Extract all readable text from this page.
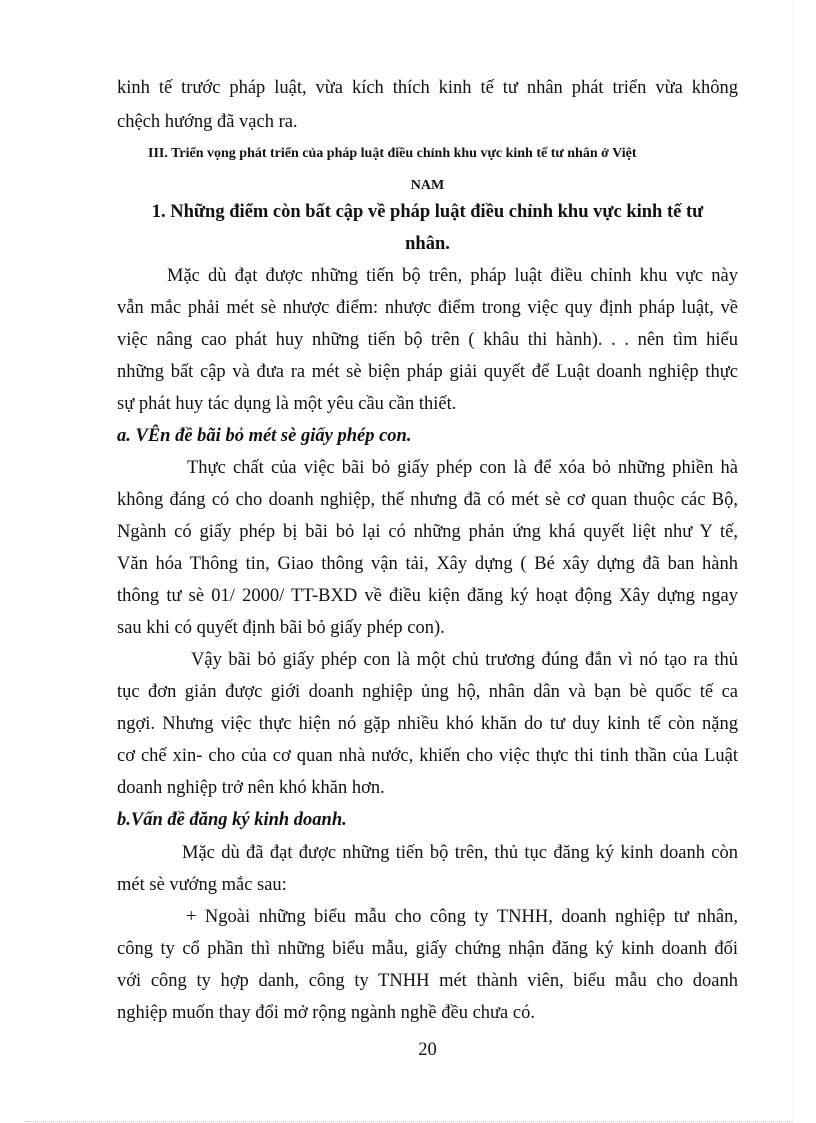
kinh tế trước pháp luật, vừa kích thích kinh tế tư nhân phát triển vừa không
chệch hướng đã vạch ra.
III. Triển vọng phát triển của pháp luật điều chỉnh khu vực kinh tế tư nhân ở Việt
NAM
1. Những điểm còn bất cập về pháp luật điều chỉnh khu vực kinh tế tư
nhân.
Mặc dù đạt được những tiến bộ trên, pháp luật điều chỉnh khu vực này
vẫn mắc phải mét sè nhược điểm: nhược điểm trong việc quy định pháp luật, về
việc nâng cao phát huy những tiến bộ trên ( khâu thi hành). . . nên tìm hiểu
những bất cập và đưa ra mét sè biện pháp giải quyết để Luật doanh nghiệp thực
sự phát huy tác dụng là một yêu cầu cần thiết.
a. VÊn đề bãi bỏ mét sè giấy phép con.
Thực chất của việc bãi bỏ giấy phép con là để xóa bỏ những phiền hà
không đáng có cho doanh nghiệp, thế nhưng đã có mét sè cơ quan thuộc các Bộ,
Ngành có giấy phép bị bãi bỏ lại có những phản ứng khá quyết liệt như Y tế,
Văn hóa Thông tin, Giao thông vận tải, Xây dựng ( Bé xây dựng đã ban hành
thông tư sè 01/ 2000/ TT-BXD về điều kiện đăng ký hoạt động Xây dựng ngay
sau khi có quyết định bãi bỏ giấy phép con).
Vậy bãi bỏ giấy phép con là một chủ trương đúng đắn vì nó tạo ra thủ
tục đơn giản được giới doanh nghiệp ủng hộ, nhân dân và bạn bè quốc tế ca
ngợi. Nhưng việc thực hiện nó gặp nhiều khó khăn do tư duy kinh tế còn nặng
cơ chế xin- cho của cơ quan nhà nước, khiến cho việc thực thi tinh thần của Luật
doanh nghiệp trở nên khó khăn hơn.
b.Vấn đề đăng ký kinh doanh.
Mặc dù đã đạt được những tiến bộ trên, thủ tục đăng ký kinh doanh còn
mét sè vướng mắc sau:
+ Ngoài những biểu mẫu cho công ty TNHH, doanh nghiệp tư nhân,
công ty cổ phần thì những biểu mẫu, giấy chứng nhận đăng ký kinh doanh đối
với công ty hợp danh, công ty TNHH mét thành viên, biểu mẫu cho doanh
nghiệp muốn thay đổi mở rộng ngành nghề đều chưa có.
20
